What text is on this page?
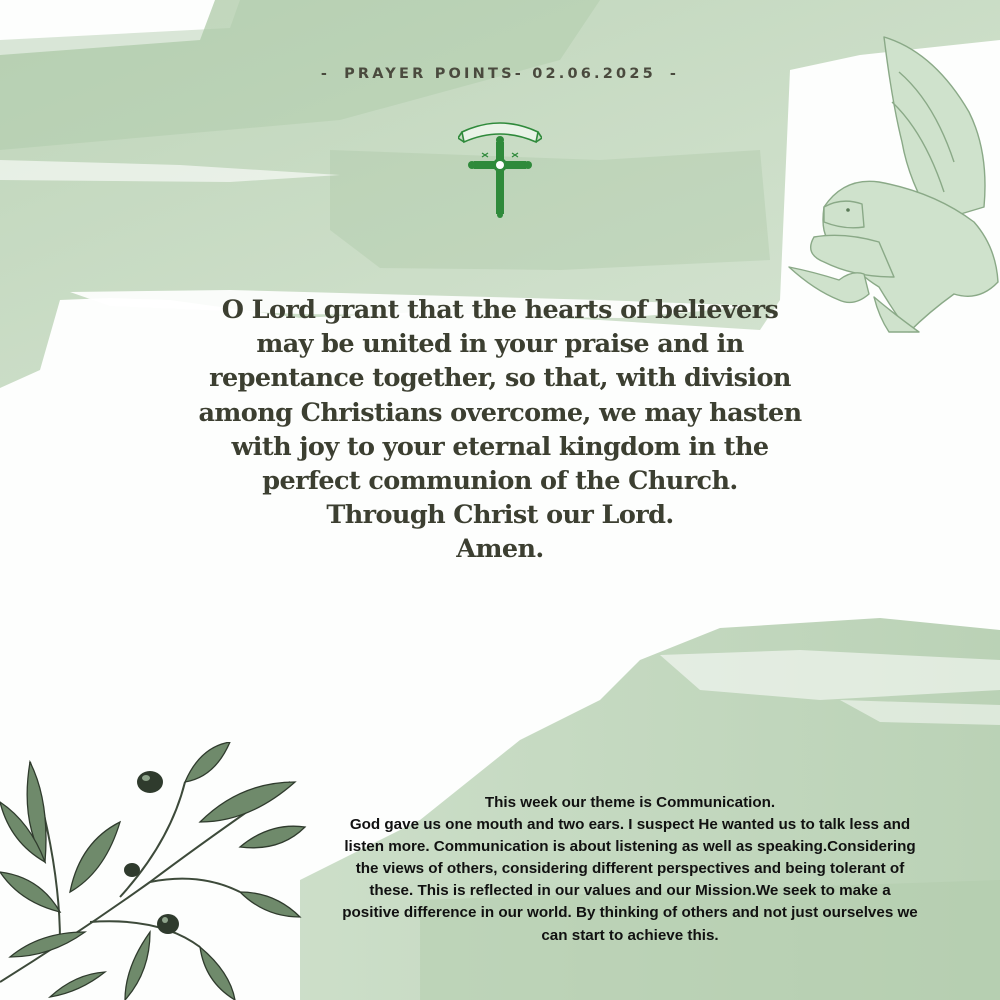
- PRAYER POINTS- 02.06.2025 -
O Lord grant that the hearts of believers
may be united in your praise and in
repentance together, so that, with division
among Christians overcome, we may hasten
with joy to your eternal kingdom in the
perfect communion of the Church.
Through Christ our Lord.
Amen.
This week our theme is Communication.
God gave us one mouth and two ears. I suspect He wanted us to talk less and
listen more. Communication is about listening as well as speaking.Considering
the views of others, considering different perspectives and being tolerant of
these. This is reflected in our values and our Mission.We seek to make a
positive difference in our world. By thinking of others and not just ourselves we
can start to achieve this.
